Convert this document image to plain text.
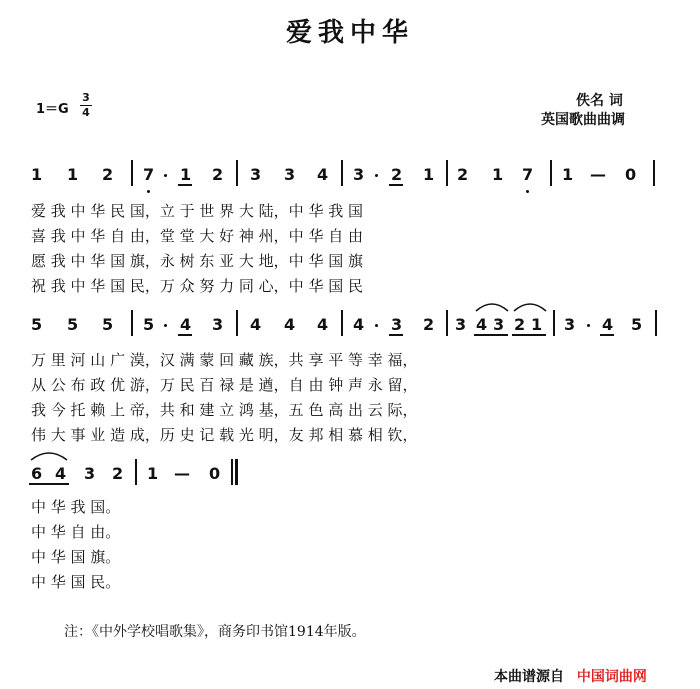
爱我中华
1＝G
3
4
佚名 词
英国歌曲曲调
1 1 2 7 1 2 3 3 4 3 2 1 2 1 7 1 — 0
爱 我 中 华 民 国，立 于 世 界 大 陆，中 华 我 国
喜 我 中 华 自 由，堂 堂 大 好 神 州，中 华 自 由
愿 我 中 华 国 旗，永 树 东 亚 大 地，中 华 国 旗
祝 我 中 华 国 民，万 众 努 力 同 心，中 华 国 民
5 5 5 5 4 3 4 4 4 4 3 2 3 4 3 2 1 3 4 5
万 里 河 山 广 漠，汉 满 蒙 回 藏 族，共 享 平 等 幸 福，
从 公 布 政 优 游，万 民 百 禄 是 遒，自 由 钟 声 永 留，
我 今 托 赖 上 帝，共 和 建 立 鸿 基，五 色 高 出 云 际，
伟 大 事 业 造 成，历 史 记 载 光 明，友 邦 相 慕 相 钦，
6 4 3 2 1 — 0
中 华 我 国。
中 华 自 由。
中 华 国 旗。
中 华 国 民。
注：《中外学校唱歌集》，商务印书馆1914年版。
本曲谱源自 中国词曲网
